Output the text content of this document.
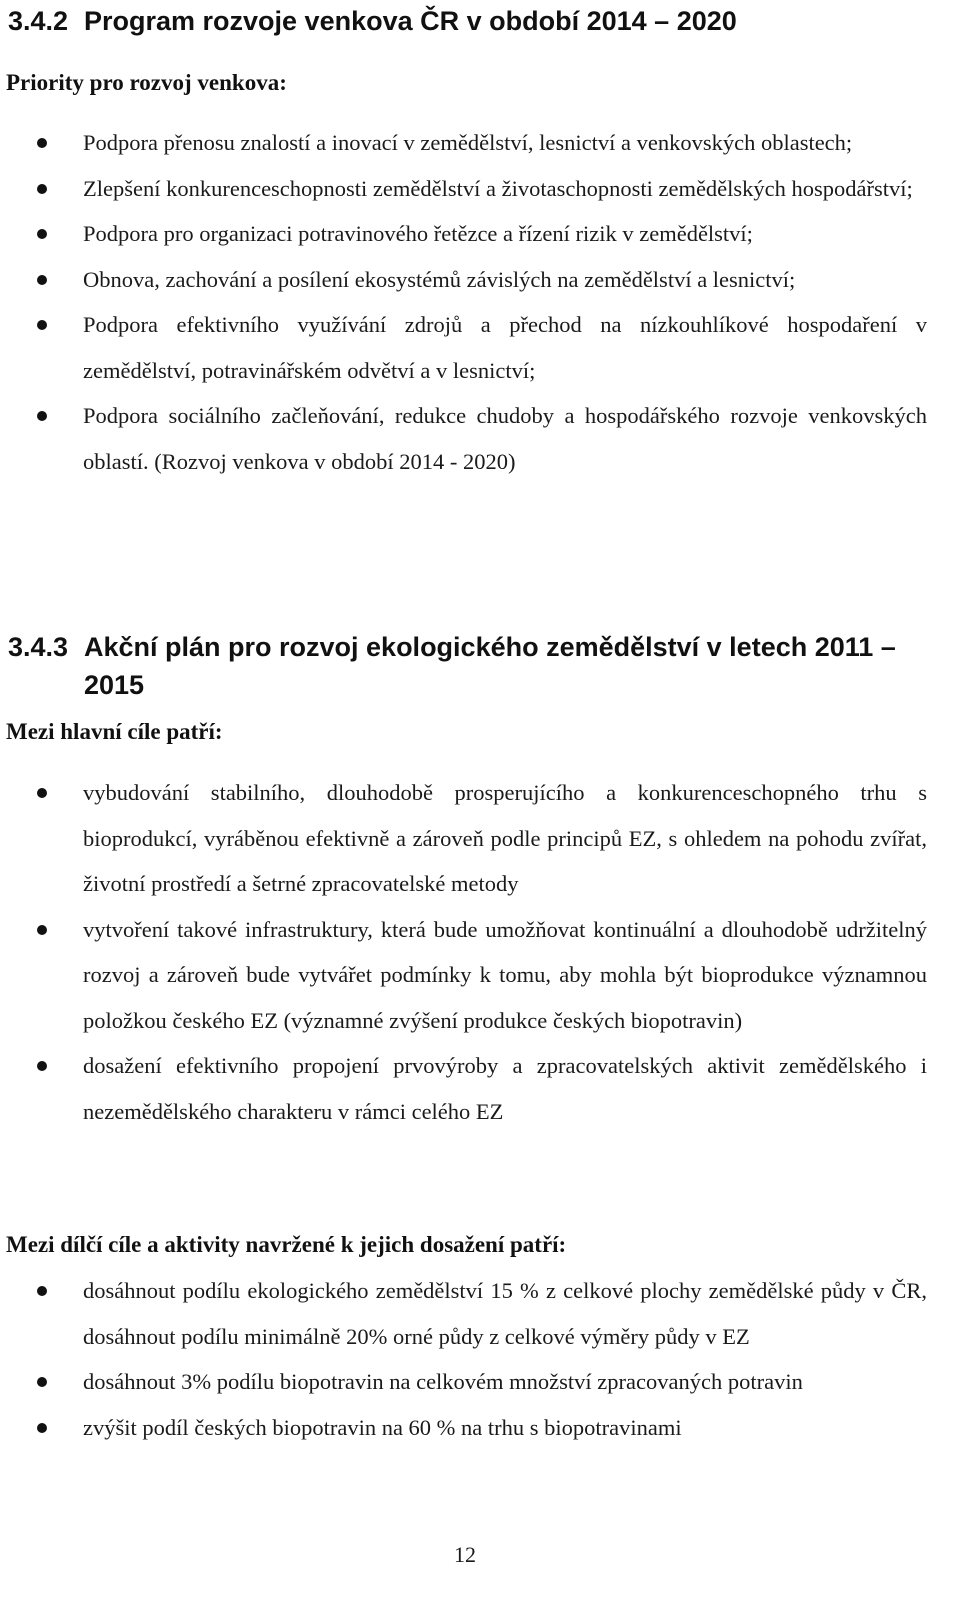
3.4.2 Program rozvoje venkova ČR v období 2014 – 2020

Priority pro rozvoj venkova:

Podpora přenosu znalostí a inovací v zemědělství, lesnictví a venkovských oblastech;
Zlepšení konkurenceschopnosti zemědělství a životaschopnosti zemědělských hospodářství;
Podpora pro organizaci potravinového řetězce a řízení rizik v zemědělství;
Obnova, zachování a posílení ekosystémů závislých na zemědělství a lesnictví;
Podpora efektivního využívání zdrojů a přechod na nízkouhlíkové hospodaření v zemědělství, potravinářském odvětví a v lesnictví;
Podpora sociálního začleňování, redukce chudoby a hospodářského rozvoje venkovských oblastí. (Rozvoj venkova v období 2014 - 2020)
3.4.3 Akční plán pro rozvoj ekologického zemědělství v letech 2011 – 2015

Mezi hlavní cíle patří:

vybudování stabilního, dlouhodobě prosperujícího a konkurenceschopného trhu s bioprodukcí, vyráběnou efektivně a zároveň podle principů EZ, s ohledem na pohodu zvířat, životní prostředí a šetrné zpracovatelské metody
vytvoření takové infrastruktury, která bude umožňovat kontinuální a dlouhodobě udržitelný rozvoj a zároveň bude vytvářet podmínky k tomu, aby mohla být bioprodukce významnou položkou českého EZ (významné zvýšení produkce českých biopotravin)
dosažení efektivního propojení prvovýroby a zpracovatelských aktivit zemědělského i nezemědělského charakteru v rámci celého EZ

Mezi dílčí cíle a aktivity navržené k jejich dosažení patří:

dosáhnout podílu ekologického zemědělství 15 % z celkové plochy zemědělské půdy v ČR, dosáhnout podílu minimálně 20% orné půdy z celkové výměry půdy v EZ
dosáhnout 3% podílu biopotravin na celkovém množství zpracovaných potravin
zvýšit podíl českých biopotravin na 60 % na trhu s biopotravinami
12
